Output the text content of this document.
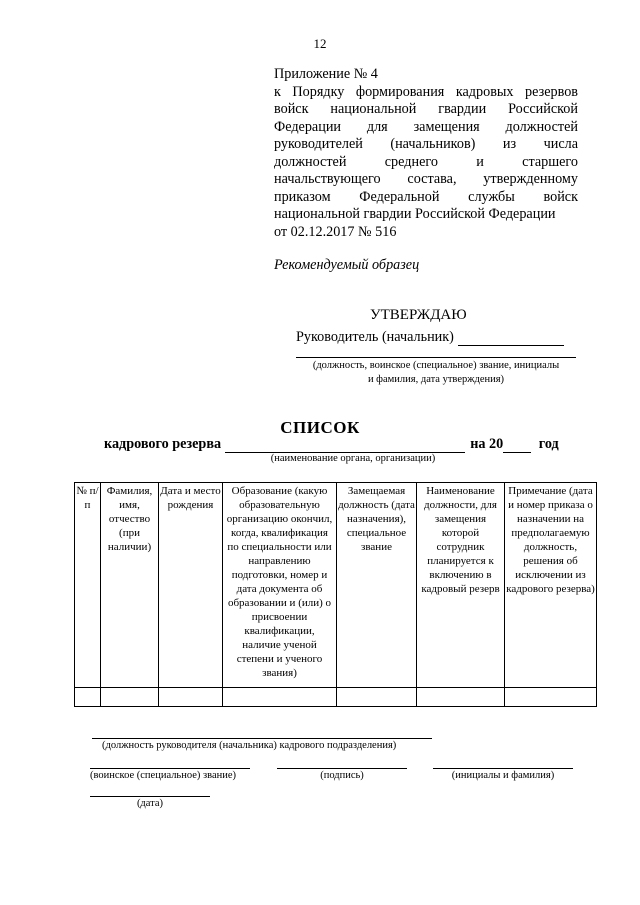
12
Приложение № 4
к Порядку формирования кадровых резервов
войск национальной гвардии Российской
Федерации для замещения должностей
руководителей (начальников) из числа
должностей среднего и старшего
начальствующего состава, утвержденному
приказом Федеральной службы войск
национальной гвардии Российской Федерации
от 02.12.2017 № 516
Рекомендуемый образец
УТВЕРЖДАЮ
Руководитель (начальник)
(должность, воинское (специальное) звание, инициалы
и фамилия, дата утверждения)
СПИСОК
кадрового резерва	на 20	год
(наименование органа, организации)
№ п/п	Фамилия, имя, отчество (при наличии)	Дата и место рождения	Образование (какую образовательную организацию окончил, когда, квалификация по специальности или направлению подготовки, номер и дата документа об образовании и (или) о присвоении квалификации, наличие ученой степени и ученого звания)	Замещаемая должность (дата назначения), специальное звание	Наименование должности, для замещения которой сотрудник планируется к включению в кадровый резерв	Примечание (дата и номер приказа о назначении на предполагаемую должность, решения об исключении из кадрового резерва)

(должность руководителя (начальника) кадрового подразделения)
(воинское (специальное) звание)	(подпись)	(инициалы и фамилия)
(дата)
